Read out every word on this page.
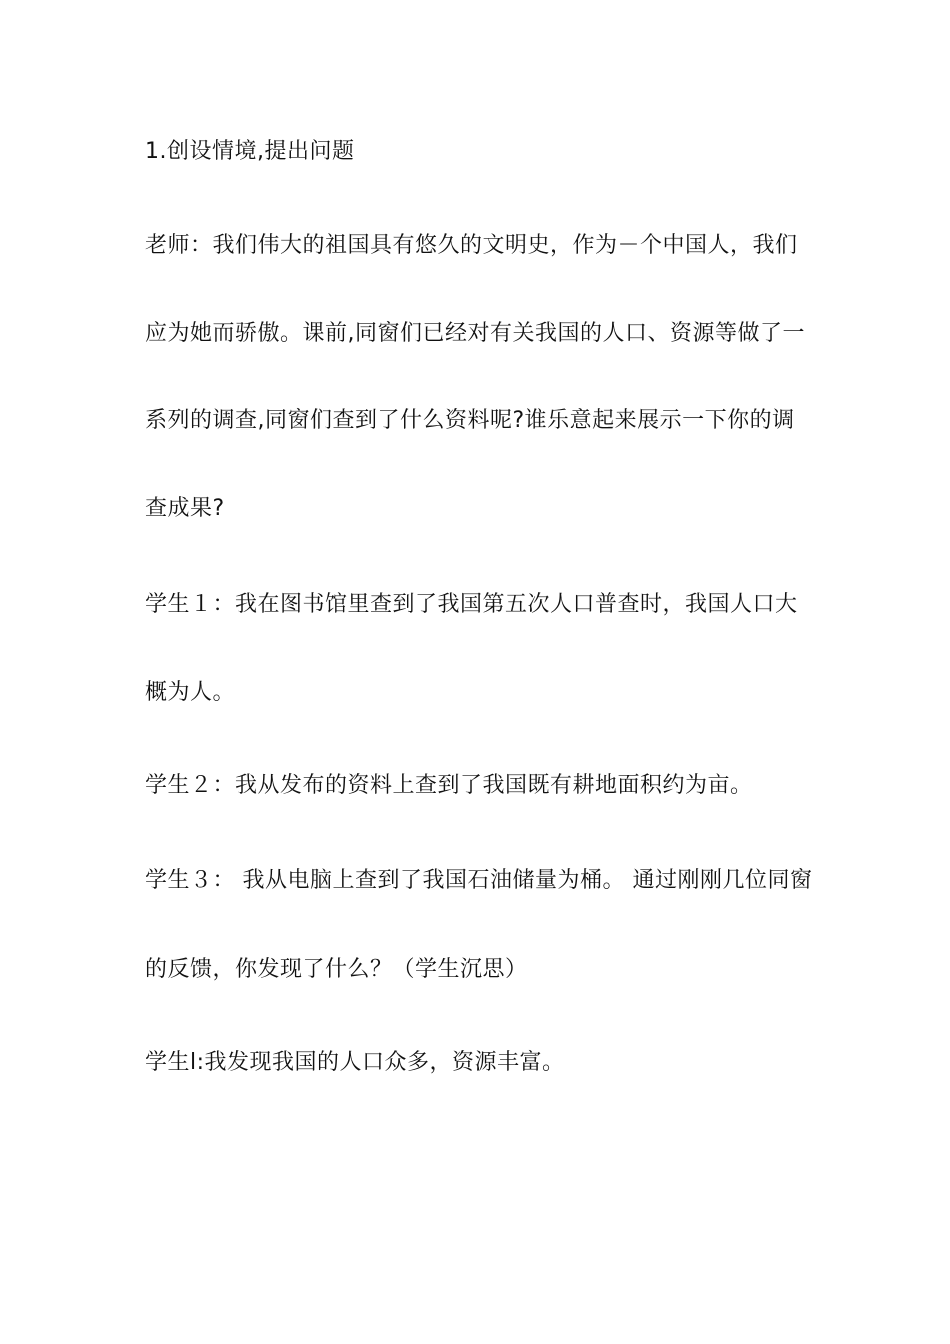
1.创设情境,提出问题
老师：我们伟大的祖国具有悠久的文明史，作为－个中国人，我们
应为她而骄傲。课前,同窗们已经对有关我国的人口、资源等做了一
系列的调查,同窗们查到了什么资料呢?谁乐意起来展示一下你的调
查成果?
学生１：我在图书馆里查到了我国第五次人口普查时，我国人口大
概为人。
学生２：我从发布的资料上查到了我国既有耕地面积约为亩。
学生３： 我从电脑上查到了我国石油储量为桶。 通过刚刚几位同窗
的反馈，你发现了什么？（学生沉思）
学生l:我发现我国的人口众多，资源丰富。
